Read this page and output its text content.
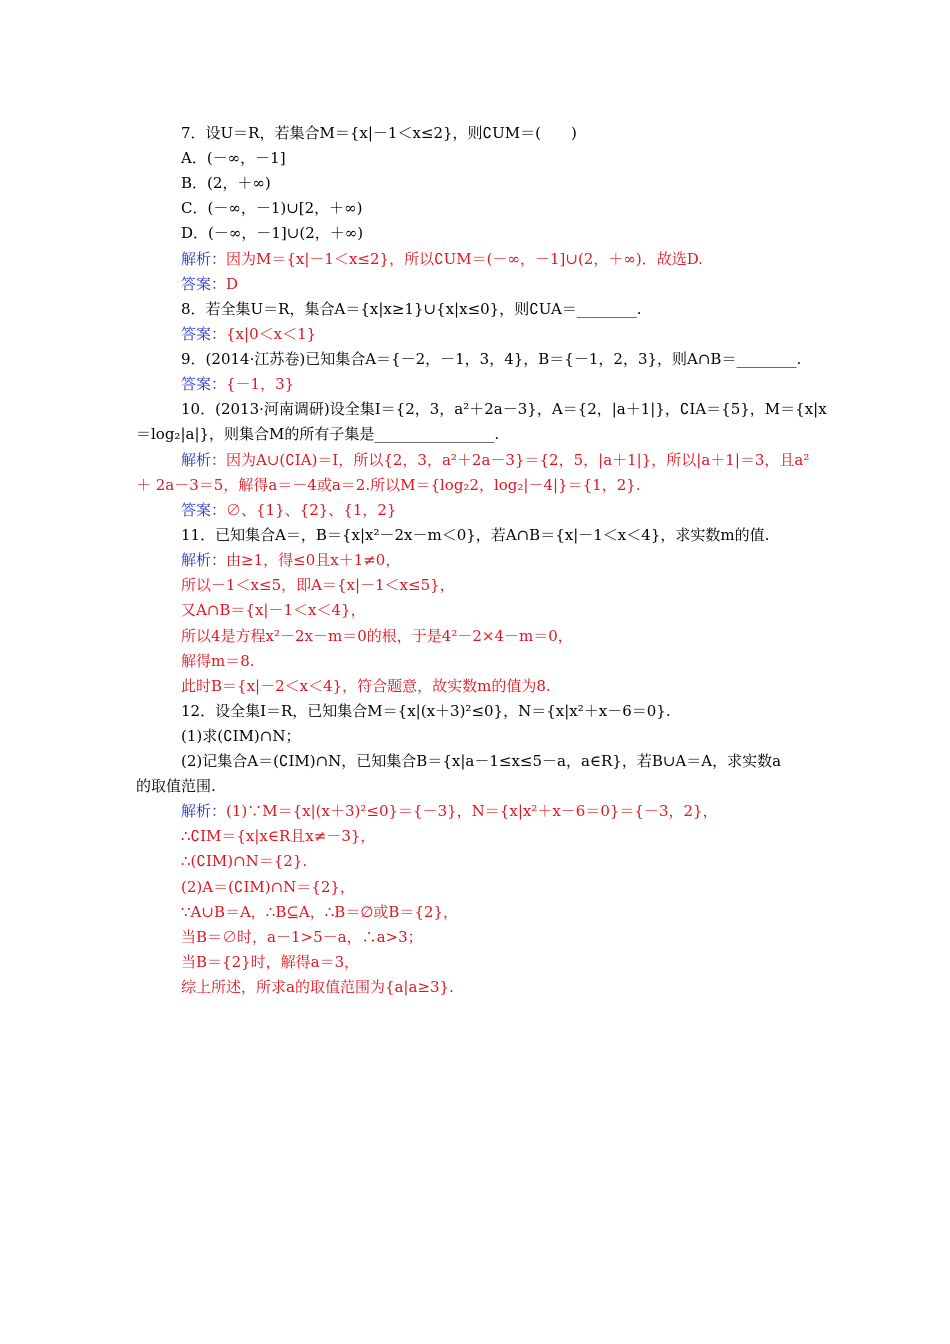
7．设U＝R，若集合M＝{x|－1＜x≤2}，则∁UM＝(　　)
A．(－∞，－1]
B．(2，＋∞)
C．(－∞，－1)∪[2，＋∞)
D．(－∞，－1]∪(2，＋∞)
解析：因为M＝{x|－1＜x≤2}，所以∁UM＝(－∞，－1]∪(2，＋∞)．故选D.
答案：D
8．若全集U＝R，集合A＝{x|x≥1}∪{x|x≤0}，则∁UA＝________.
答案：{x|0＜x＜1}
9．(2014·江苏卷)已知集合A＝{－2，－1，3，4}，B＝{－1，2，3}，则A∩B＝________.
答案：{－1，3}
10．(2013·河南调研)设全集I＝{2，3，a²＋2a－3}，A＝{2，|a＋1|}，∁IA＝{5}，M＝{x|x
＝log₂|a|}，则集合M的所有子集是________________.
解析：因为A∪(∁IA)＝I，所以{2，3，a²＋2a－3}＝{2，5，|a＋1|}，所以|a＋1|＝3，且a²
＋ 2a－3＝5，解得a＝－4或a＝2.所以M＝{log₂2，log₂|－4|}＝{1，2}.
答案：∅、{1}、{2}、{1，2}
11．已知集合A＝，B＝{x|x²－2x－m＜0}，若A∩B＝{x|－1＜x＜4}，求实数m的值.
解析：由≥1，得≤0且x＋1≠0，
所以－1＜x≤5，即A＝{x|－1＜x≤5}，
又A∩B＝{x|－1＜x＜4}，
所以4是方程x²－2x－m＝0的根，于是4²－2×4－m＝0，
解得m＝8.
此时B＝{x|－2＜x＜4}，符合题意，故实数m的值为8.
12．设全集I＝R，已知集合M＝{x|(x＋3)²≤0}，N＝{x|x²＋x－6＝0}.
(1)求(∁IM)∩N；
(2)记集合A＝(∁IM)∩N，已知集合B＝{x|a－1≤x≤5－a，a∈R}，若B∪A＝A，求实数a
的取值范围.
解析：(1)∵M＝{x|(x＋3)²≤0}＝{－3}，N＝{x|x²＋x－6＝0}＝{－3，2}，
∴∁IM＝{x|x∈R且x≠－3}，
∴(∁IM)∩N＝{2}.
(2)A＝(∁IM)∩N＝{2}，
∵A∪B＝A，∴B⊆A，∴B＝∅或B＝{2}，
当B＝∅时，a－1>5－a，∴a>3；
当B＝{2}时，解得a＝3，
综上所述，所求a的取值范围为{a|a≥3}.
